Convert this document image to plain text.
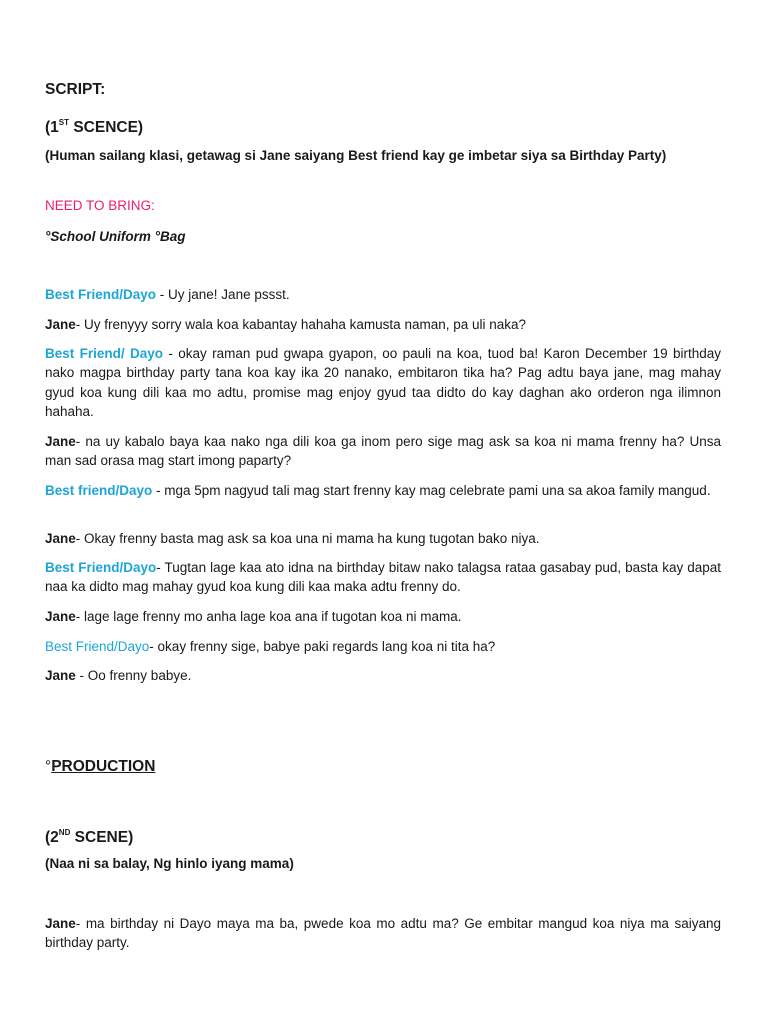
SCRIPT:

(1ST SCENCE)

(Human sailang klasi, getawag si Jane saiyang Best friend kay ge imbetar siya sa Birthday Party)

NEED TO BRING:

°School Uniform °Bag

Best Friend/Dayo - Uy jane! Jane pssst.

Jane- Uy frenyyy sorry wala koa kabantay hahaha kamusta naman, pa uli naka?

Best Friend/ Dayo - okay raman pud gwapa gyapon, oo pauli na koa, tuod ba! Karon December 19 birthday nako magpa birthday party tana koa kay ika 20 nanako, embitaron tika ha? Pag adtu baya jane, mag mahay gyud koa kung dili kaa mo adtu, promise mag enjoy gyud taa didto do kay daghan ako orderon nga ilimnon hahaha.

Jane- na uy kabalo baya kaa nako nga dili koa ga inom pero sige mag ask sa koa ni mama frenny ha? Unsa man sad orasa mag start imong paparty?

Best friend/Dayo - mga 5pm nagyud tali mag start frenny kay mag celebrate pami una sa akoa family mangud.

Jane- Okay frenny basta mag ask sa koa una ni mama ha kung tugotan bako niya.

Best Friend/Dayo- Tugtan lage kaa ato idna na birthday bitaw nako talagsa rataa gasabay pud, basta kay dapat naa ka didto mag mahay gyud koa kung dili kaa maka adtu frenny do.

Jane- lage lage frenny mo anha lage koa ana if tugotan koa ni mama.

Best Friend/Dayo- okay frenny sige, babye paki regards lang koa ni tita ha?

Jane - Oo frenny babye.

°PRODUCTION

(2ND SCENE)

(Naa ni sa balay, Ng hinlo iyang mama)

Jane- ma birthday ni Dayo maya ma ba, pwede koa mo adtu ma? Ge embitar mangud koa niya ma saiyang birthday party.
